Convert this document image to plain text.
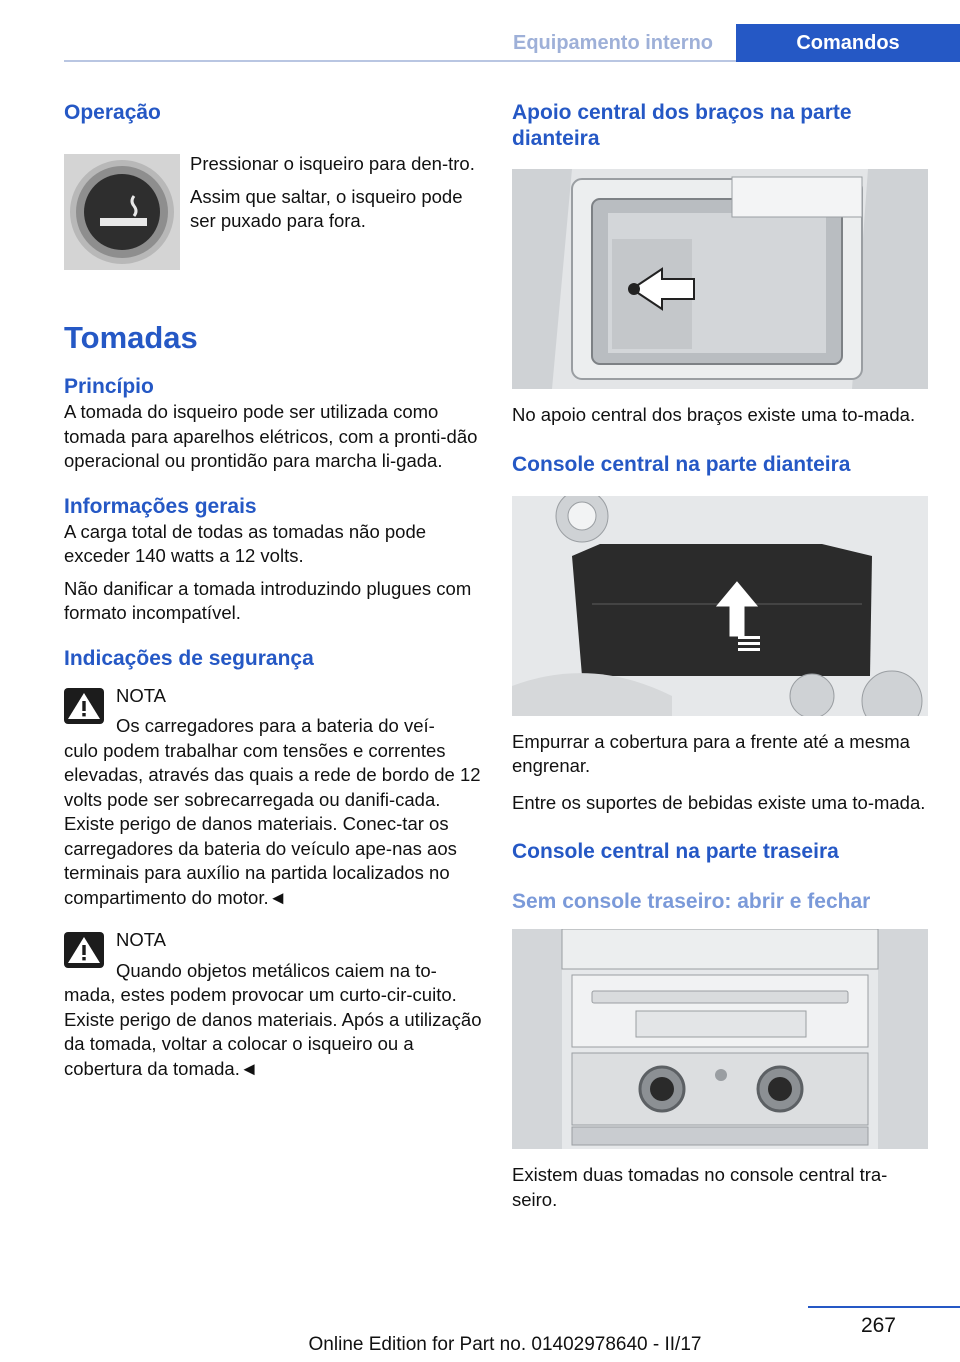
Equipamento interno	Comandos
Operação

Pressionar o isqueiro para den‐tro.

Assim que saltar, o isqueiro pode ser puxado para fora.

Tomadas
Princípio

A tomada do isqueiro pode ser utilizada como tomada para aparelhos elétricos, com a pronti‐dão operacional ou prontidão para marcha li‐gada.

Informações gerais

A carga total de todas as tomadas não pode exceder 140 watts a 12 volts.

Não danificar a tomada introduzindo plugues com formato incompatível.

Indicações de segurança

NOTA

Os carregadores para a bateria do veí‐

culo podem trabalhar com tensões e correntes elevadas, através das quais a rede de bordo de 12 volts pode ser sobrecarregada ou danifi‐cada. Existe perigo de danos materiais. Conec‐tar os carregadores da bateria do veículo ape‐nas aos terminais para auxílio na partida localizados no compartimento do motor.◄

NOTA

Quando objetos metálicos caiem na to‐

mada, estes podem provocar um curto-cir‐cuito. Existe perigo de danos materiais. Após a utilização da tomada, voltar a colocar o isqueiro ou a cobertura da tomada.◄

Apoio central dos braços na parte dianteira

No apoio central dos braços existe uma to‐mada.

Console central na parte dianteira

Empurrar a cobertura para a frente até a mesma engrenar.

Entre os suportes de bebidas existe uma to‐mada.

Console central na parte traseira
Sem console traseiro: abrir e fechar

Existem duas tomadas no console central tra‐seiro.

267
Online Edition for Part no. 01402978640 - II/17
